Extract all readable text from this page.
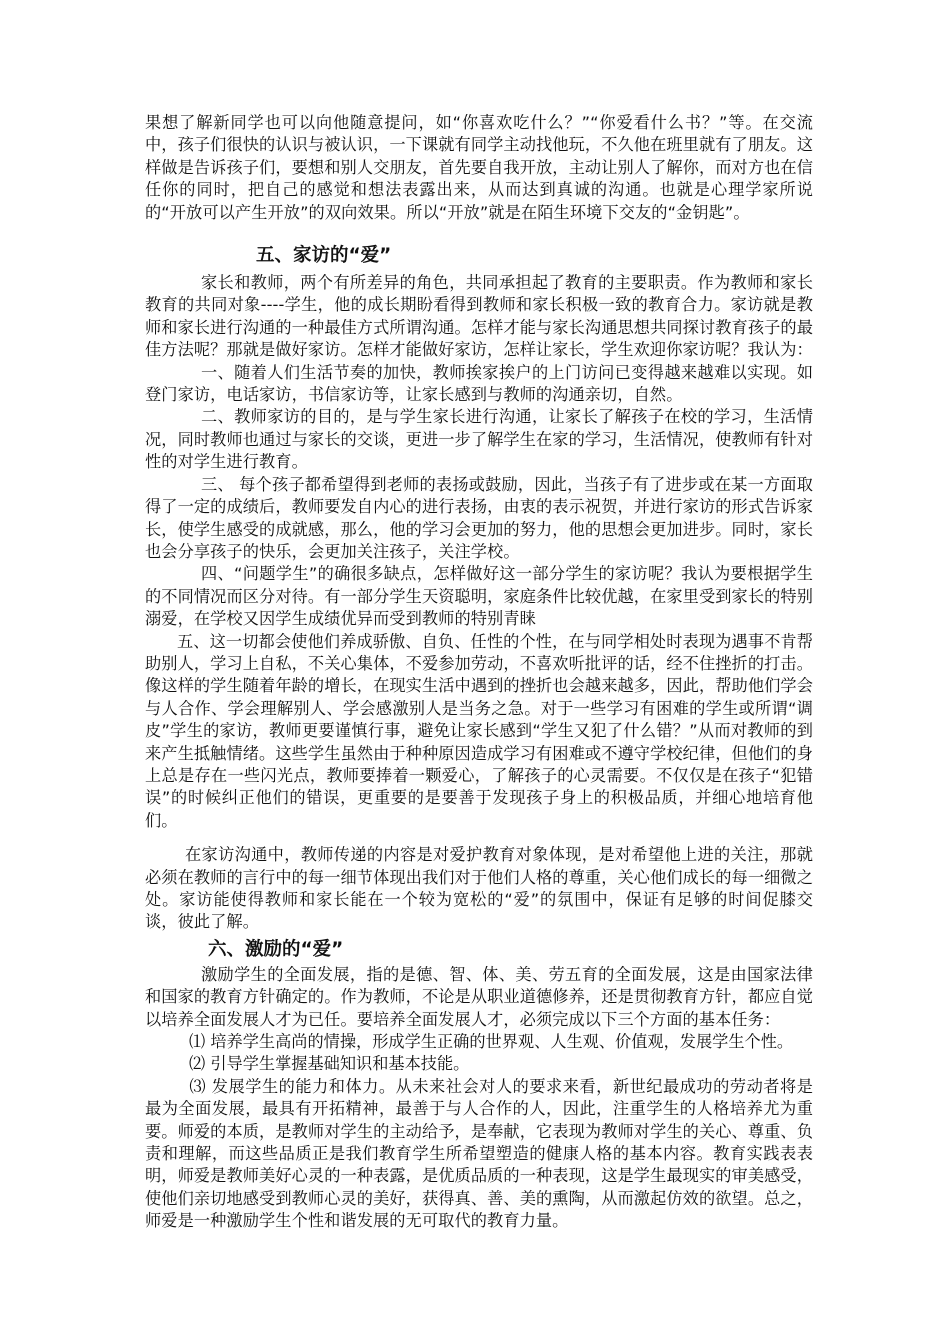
果想了解新同学也可以向他随意提问，如“你喜欢吃什么？”“你爱看什么书？”等。在交流中，孩子们很快的认识与被认识，一下课就有同学主动找他玩，不久他在班里就有了朋友。这样做是告诉孩子们，要想和别人交朋友，首先要自我开放，主动让别人了解你，而对方也在信任你的同时，把自己的感觉和想法表露出来，从而达到真诚的沟通。也就是心理学家所说的“开放可以产生开放”的双向效果。所以“开放”就是在陌生环境下交友的“金钥匙”。

五、家访的“爱”

家长和教师，两个有所差异的角色，共同承担起了教育的主要职责。作为教师和家长教育的共同对象----学生，他的成长期盼看得到教师和家长积极一致的教育合力。家访就是教师和家长进行沟通的一种最佳方式所谓沟通。怎样才能与家长沟通思想共同探讨教育孩子的最佳方法呢？那就是做好家访。怎样才能做好家访，怎样让家长，学生欢迎你家访呢？我认为：

一、随着人们生活节奏的加快，教师挨家挨户的上门访问已变得越来越难以实现。如登门家访，电话家访，书信家访等，让家长感到与教师的沟通亲切，自然。

二、教师家访的目的，是与学生家长进行沟通，让家长了解孩子在校的学习，生活情况，同时教师也通过与家长的交谈，更进一步了解学生在家的学习，生活情况，使教师有针对性的对学生进行教育。

三、 每个孩子都希望得到老师的表扬或鼓励，因此，当孩子有了进步或在某一方面取得了一定的成绩后，教师要发自内心的进行表扬，由衷的表示祝贺，并进行家访的形式告诉家长，使学生感受的成就感，那么，他的学习会更加的努力，他的思想会更加进步。同时，家长也会分享孩子的快乐，会更加关注孩子，关注学校。

四、“问题学生”的确很多缺点，怎样做好这一部分学生的家访呢？我认为要根据学生的不同情况而区分对待。有一部分学生天资聪明，家庭条件比较优越，在家里受到家长的特别溺爱，在学校又因学生成绩优异而受到教师的特别青睐

五、这一切都会使他们养成骄傲、自负、任性的个性，在与同学相处时表现为遇事不肯帮助别人，学习上自私，不关心集体，不爱参加劳动，不喜欢听批评的话，经不住挫折的打击。像这样的学生随着年龄的增长，在现实生活中遇到的挫折也会越来越多，因此，帮助他们学会与人合作、学会理解别人、学会感激别人是当务之急。对于一些学习有困难的学生或所谓“调皮”学生的家访，教师更要谨慎行事，避免让家长感到“学生又犯了什么错？”从而对教师的到来产生抵触情绪。这些学生虽然由于种种原因造成学习有困难或不遵守学校纪律，但他们的身上总是存在一些闪光点，教师要捧着一颗爱心，了解孩子的心灵需要。不仅仅是在孩子“犯错误”的时候纠正他们的错误，更重要的是要善于发现孩子身上的积极品质，并细心地培育他们。

在家访沟通中，教师传递的内容是对爱护教育对象体现，是对希望他上进的关注，那就必须在教师的言行中的每一细节体现出我们对于他们人格的尊重，关心他们成长的每一细微之处。家访能使得教师和家长能在一个较为宽松的“爱”的氛围中，保证有足够的时间促膝交谈，彼此了解。

六、激励的“爱”

激励学生的全面发展，指的是德、智、体、美、劳五育的全面发展，这是由国家法律和国家的教育方针确定的。作为教师，不论是从职业道德修养，还是贯彻教育方针，都应自觉以培养全面发展人才为已任。要培养全面发展人才，必须完成以下三个方面的基本任务：

⑴ 培养学生高尚的情操，形成学生正确的世界观、人生观、价值观，发展学生个性。

⑵ 引导学生掌握基础知识和基本技能。

⑶ 发展学生的能力和体力。从未来社会对人的要求来看，新世纪最成功的劳动者将是最为全面发展，最具有开拓精神，最善于与人合作的人，因此，注重学生的人格培养尤为重要。师爱的本质，是教师对学生的主动给予，是奉献，它表现为教师对学生的关心、尊重、负责和理解，而这些品质正是我们教育学生所希望塑造的健康人格的基本内容。教育实践表表明，师爱是教师美好心灵的一种表露，是优质品质的一种表现，这是学生最现实的审美感受，使他们亲切地感受到教师心灵的美好，获得真、善、美的熏陶，从而激起仿效的欲望。总之，师爱是一种激励学生个性和谐发展的无可取代的教育力量。
